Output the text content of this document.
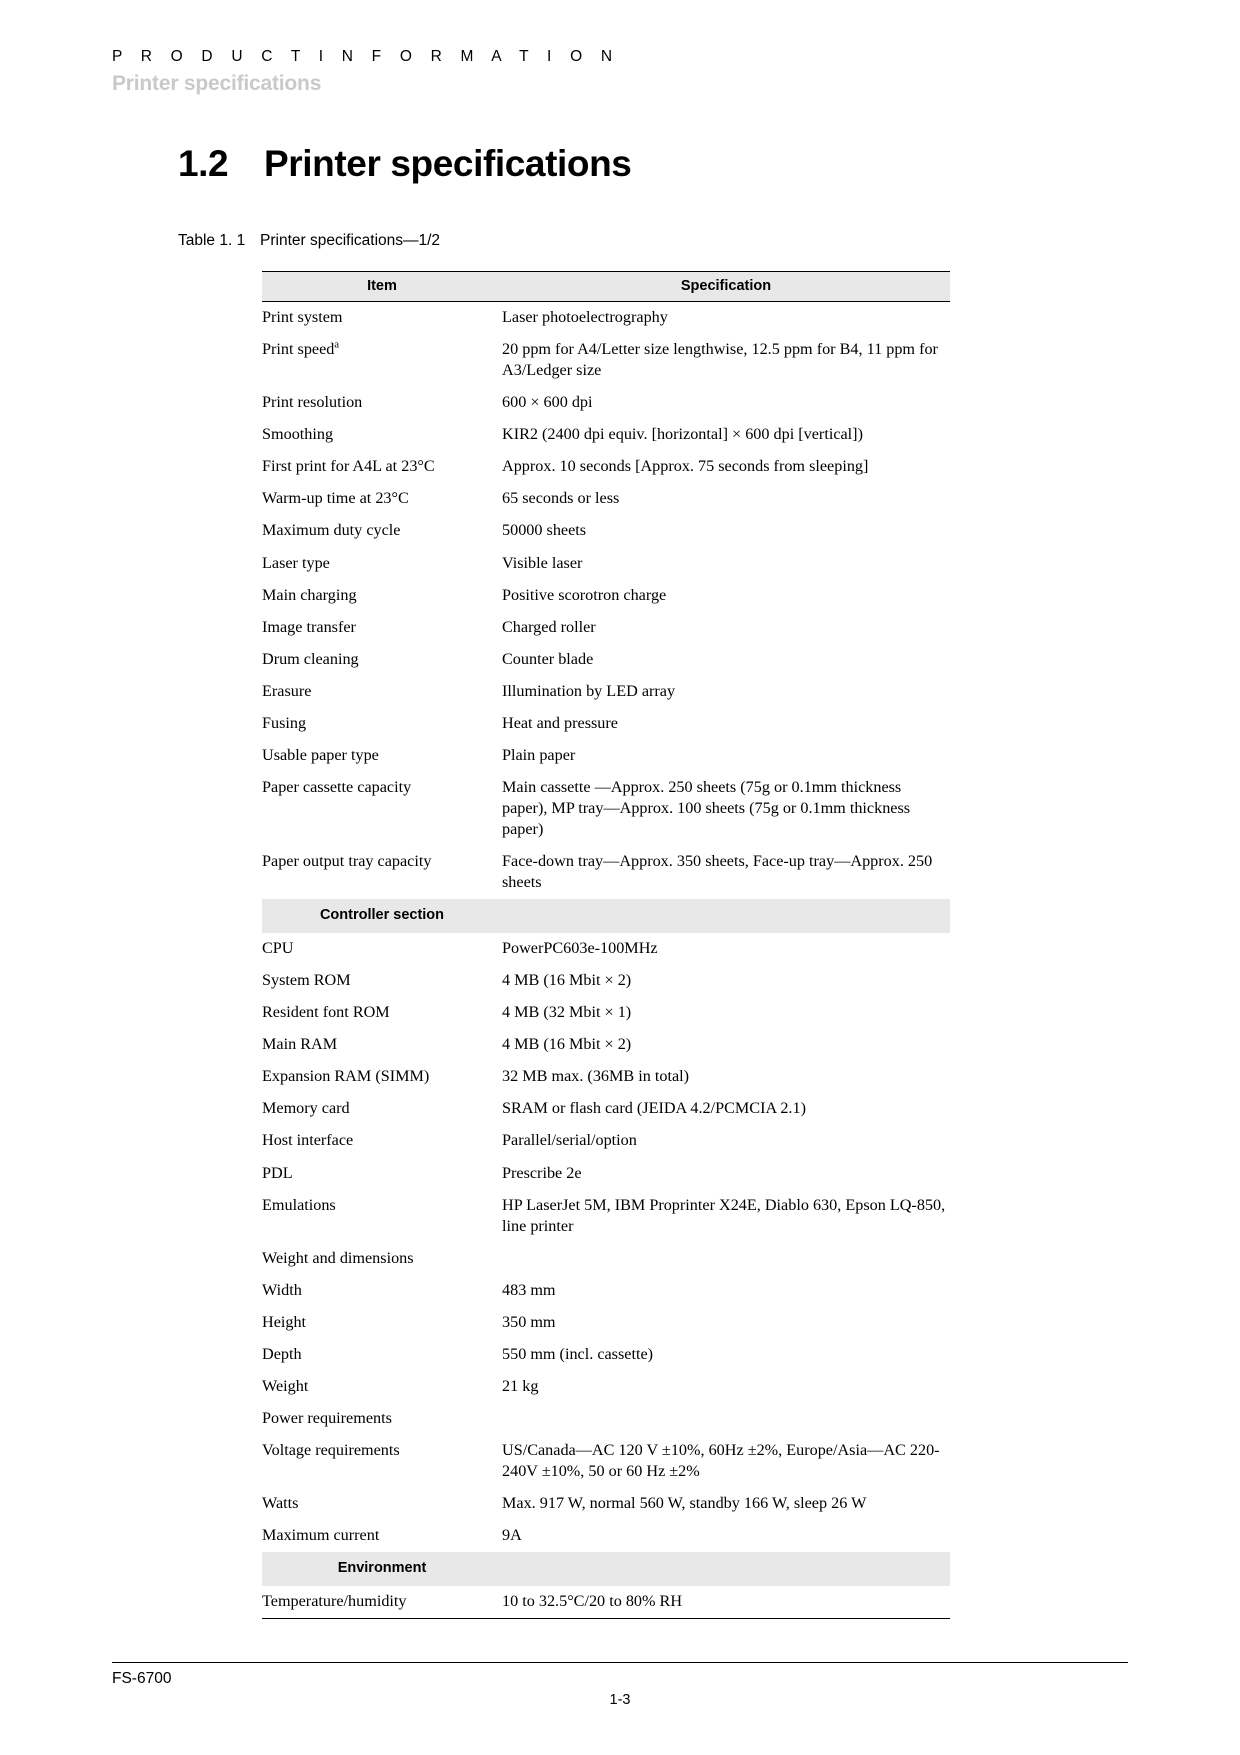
P R O D U C T I N F O R M A T I O N
Printer specifications
1.2 Printer specifications
Table 1. 1 Printer specifications—1/2
Item	Specification
Print system	Laser photoelectrography
Print speed$^a$	20 ppm for A4/Letter size lengthwise, 12.5 ppm for B4, 11 ppm for A3/Ledger size
Print resolution	600 × 600 dpi
Smoothing	KIR2 (2400 dpi equiv. [horizontal] × 600 dpi [vertical])
First print for A4L at 23°C	Approx. 10 seconds [Approx. 75 seconds from sleeping]
Warm-up time at 23°C	65 seconds or less
Maximum duty cycle	50000 sheets
Laser type	Visible laser
Main charging	Positive scorotron charge
Image transfer	Charged roller
Drum cleaning	Counter blade
Erasure	Illumination by LED array
Fusing	Heat and pressure
Usable paper type	Plain paper
Paper cassette capacity	Main cassette —Approx. 250 sheets (75g or 0.1mm thickness paper), MP tray—Approx. 100 sheets (75g or 0.1mm thickness paper)
Paper output tray capacity	Face-down tray—Approx. 350 sheets, Face-up tray—Approx. 250 sheets
Controller section	
CPU	PowerPC603e-100MHz
System ROM	4 MB (16 Mbit × 2)
Resident font ROM	4 MB (32 Mbit × 1)
Main RAM	4 MB (16 Mbit × 2)
Expansion RAM (SIMM)	32 MB max. (36MB in total)
Memory card	SRAM or flash card (JEIDA 4.2/PCMCIA 2.1)
Host interface	Parallel/serial/option
PDL	Prescribe 2e
Emulations	HP LaserJet 5M, IBM Proprinter X24E, Diablo 630, Epson LQ-850, line printer
Weight and dimensions	
Width	483 mm
Height	350 mm
Depth	550 mm (incl. cassette)
Weight	21 kg
Power requirements	
Voltage requirements	US/Canada—AC 120 V ±10%, 60Hz ±2%, Europe/Asia—AC 220-240V ±10%, 50 or 60 Hz ±2%
Watts	Max. 917 W, normal 560 W, standby 166 W, sleep 26 W
Maximum current	9A
Environment	
Temperature/humidity	10 to 32.5°C/20 to 80% RH
FS-6700
1-3
